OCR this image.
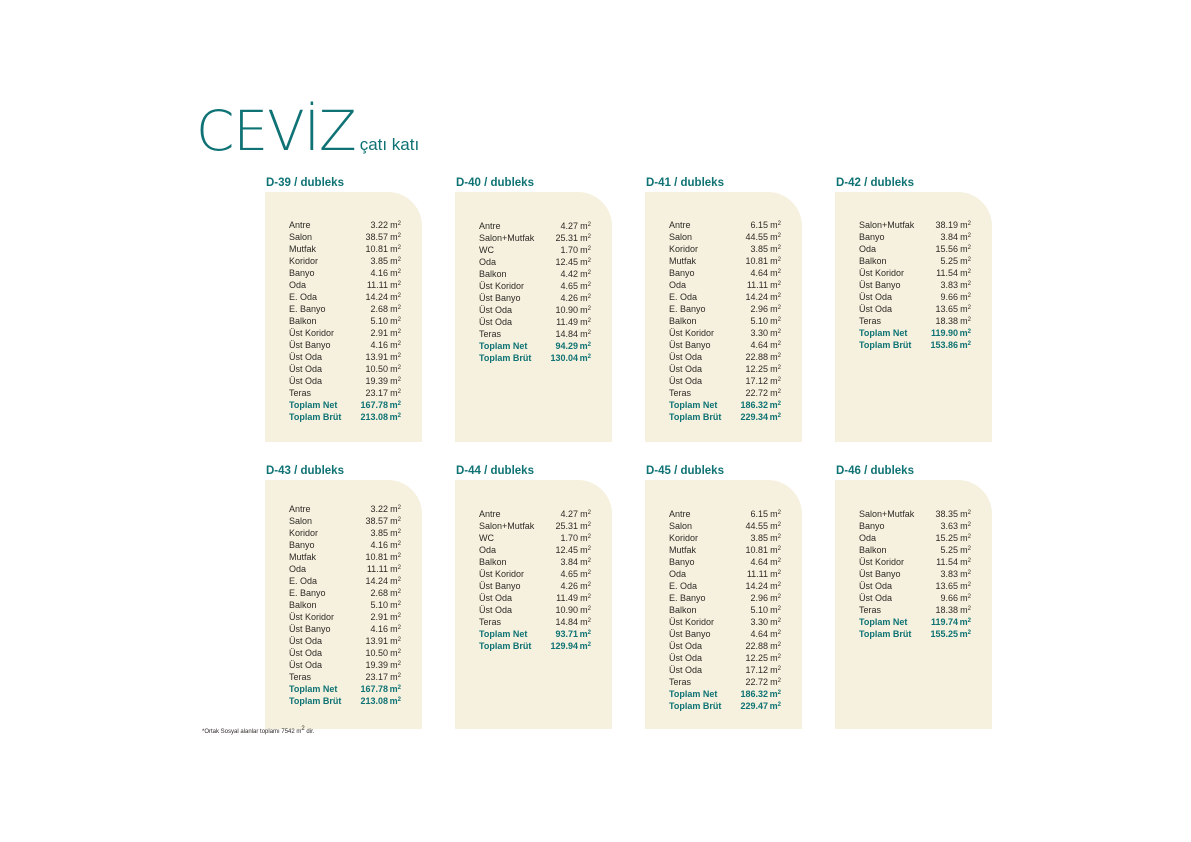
CEVİZ çatı katı
D-39 / dubleks
Antre	3.22 $m^2$
Salon	38.57 $m^2$
Mutfak	10.81 $m^2$
Koridor	3.85 $m^2$
Banyo	4.16 $m^2$
Oda	11.11 $m^2$
E. Oda	14.24 $m^2$
E. Banyo	2.68 $m^2$
Balkon	5.10 $m^2$
Üst Koridor	2.91 $m^2$
Üst Banyo	4.16 $m^2$
Üst Oda	13.91 $m^2$
Üst Oda	10.50 $m^2$
Üst Oda	19.39 $m^2$
Teras	23.17 $m^2$
Toplam Net	167.78 $m^2$
Toplam Brüt	213.08 $m^2$
D-40 / dubleks
Antre	4.27 $m^2$
Salon+Mutfak	25.31 $m^2$
WC	1.70 $m^2$
Oda	12.45 $m^2$
Balkon	4.42 $m^2$
Üst Koridor	4.65 $m^2$
Üst Banyo	4.26 $m^2$
Üst Oda	10.90 $m^2$
Üst Oda	11.49 $m^2$
Teras	14.84 $m^2$
Toplam Net	94.29 $m^2$
Toplam Brüt	130.04 $m^2$
D-41 / dubleks
Antre	6.15 $m^2$
Salon	44.55 $m^2$
Koridor	3.85 $m^2$
Mutfak	10.81 $m^2$
Banyo	4.64 $m^2$
Oda	11.11 $m^2$
E. Oda	14.24 $m^2$
E. Banyo	2.96 $m^2$
Balkon	5.10 $m^2$
Üst Koridor	3.30 $m^2$
Üst Banyo	4.64 $m^2$
Üst Oda	22.88 $m^2$
Üst Oda	12.25 $m^2$
Üst Oda	17.12 $m^2$
Teras	22.72 $m^2$
Toplam Net	186.32 $m^2$
Toplam Brüt	229.34 $m^2$
D-42 / dubleks
Salon+Mutfak	38.19 $m^2$
Banyo	3.84 $m^2$
Oda	15.56 $m^2$
Balkon	5.25 $m^2$
Üst Koridor	11.54 $m^2$
Üst Banyo	3.83 $m^2$
Üst Oda	9.66 $m^2$
Üst Oda	13.65 $m^2$
Teras	18.38 $m^2$
Toplam Net	119.90 $m^2$
Toplam Brüt	153.86 $m^2$
D-43 / dubleks
Antre	3.22 $m^2$
Salon	38.57 $m^2$
Koridor	3.85 $m^2$
Banyo	4.16 $m^2$
Mutfak	10.81 $m^2$
Oda	11.11 $m^2$
E. Oda	14.24 $m^2$
E. Banyo	2.68 $m^2$
Balkon	5.10 $m^2$
Üst Koridor	2.91 $m^2$
Üst Banyo	4.16 $m^2$
Üst Oda	13.91 $m^2$
Üst Oda	10.50 $m^2$
Üst Oda	19.39 $m^2$
Teras	23.17 $m^2$
Toplam Net	167.78 $m^2$
Toplam Brüt	213.08 $m^2$
D-44 / dubleks
Antre	4.27 $m^2$
Salon+Mutfak	25.31 $m^2$
WC	1.70 $m^2$
Oda	12.45 $m^2$
Balkon	3.84 $m^2$
Üst Koridor	4.65 $m^2$
Üst Banyo	4.26 $m^2$
Üst Oda	11.49 $m^2$
Üst Oda	10.90 $m^2$
Teras	14.84 $m^2$
Toplam Net	93.71 $m^2$
Toplam Brüt	129.94 $m^2$
D-45 / dubleks
Antre	6.15 $m^2$
Salon	44.55 $m^2$
Koridor	3.85 $m^2$
Mutfak	10.81 $m^2$
Banyo	4.64 $m^2$
Oda	11.11 $m^2$
E. Oda	14.24 $m^2$
E. Banyo	2.96 $m^2$
Balkon	5.10 $m^2$
Üst Koridor	3.30 $m^2$
Üst Banyo	4.64 $m^2$
Üst Oda	22.88 $m^2$
Üst Oda	12.25 $m^2$
Üst Oda	17.12 $m^2$
Teras	22.72 $m^2$
Toplam Net	186.32 $m^2$
Toplam Brüt	229.47 $m^2$
D-46 / dubleks
Salon+Mutfak	38.35 $m^2$
Banyo	3.63 $m^2$
Oda	15.25 $m^2$
Balkon	5.25 $m^2$
Üst Koridor	11.54 $m^2$
Üst Banyo	3.83 $m^2$
Üst Oda	13.65 $m^2$
Üst Oda	9.66 $m^2$
Teras	18.38 $m^2$
Toplam Net	119.74 $m^2$
Toplam Brüt	155.25 $m^2$
*Ortak Sosyal alanlar toplamı 7542 $m^2$ dir.
